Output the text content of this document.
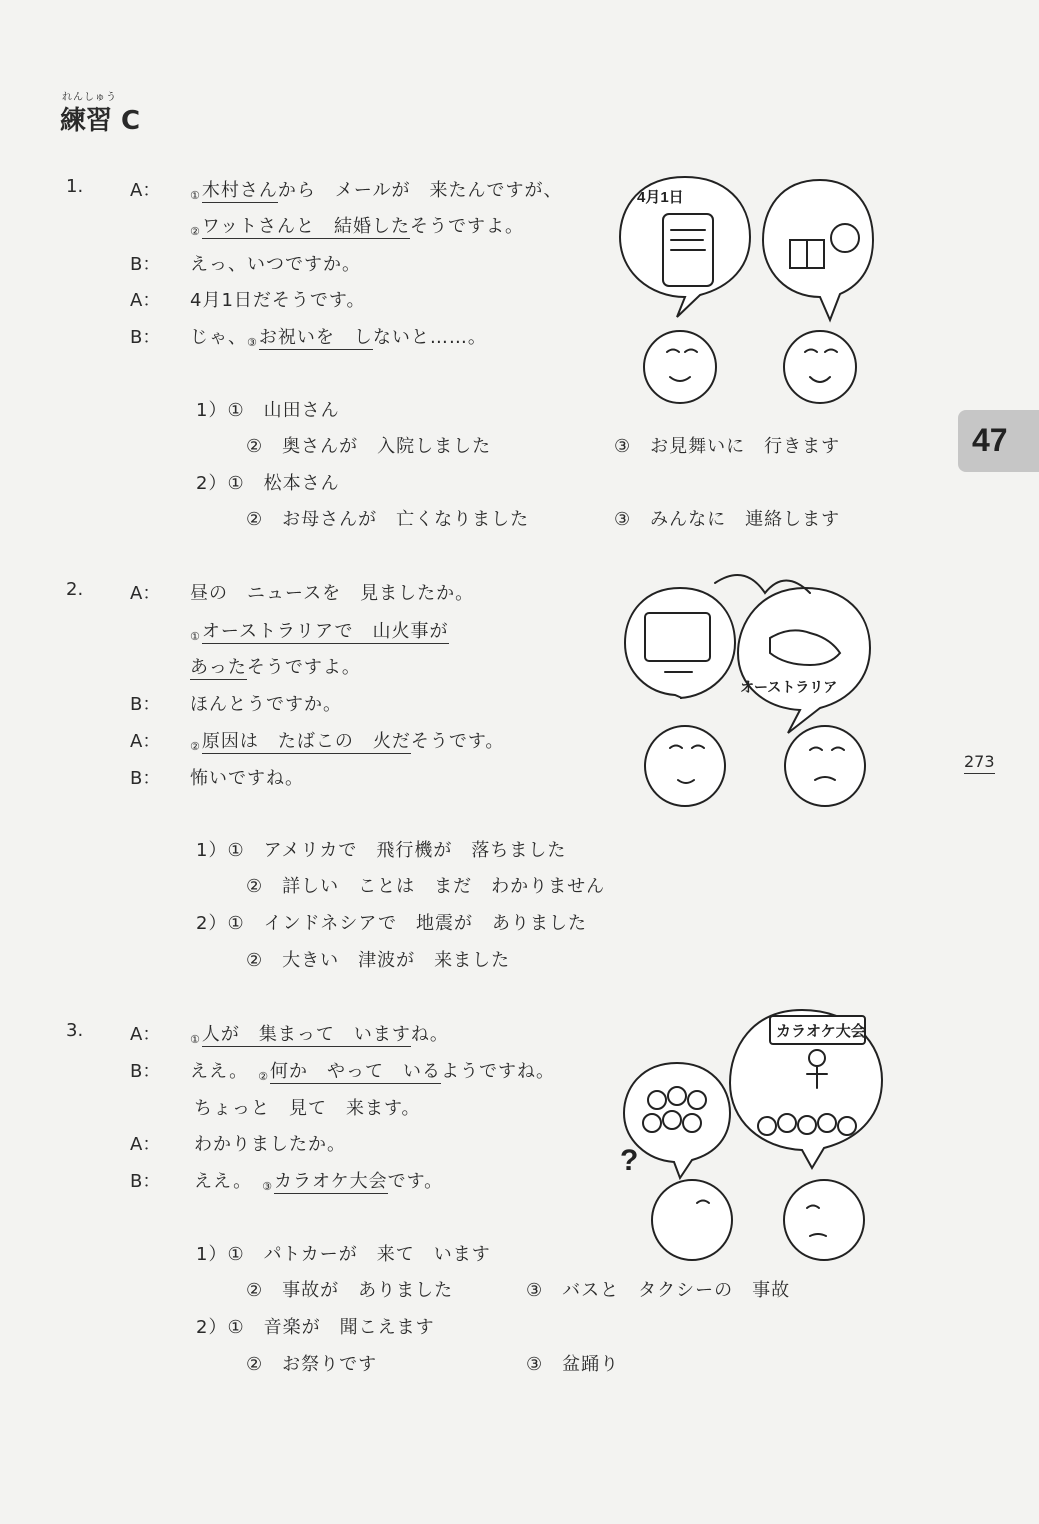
れんしゅう
練習 C
47
273
1.	A：	$_①$木村さんから　メールが　来たんですが、
$_②$ワットさんと　結婚したそうですよ。
B： えっ、いつですか。
A： 4月1日だそうです。
B： じゃ、$_③$お祝いを　しないと……。
1）①　山田さん
②　奥さんが　入院しました	③　お見舞いに　行きます
2）①　松本さん
②　お母さんが　亡くなりました	③　みんなに　連絡します
4月1日
2.	A： 昼の　ニュースを　見ましたか。
$_①$オーストラリアで　山火事が
あったそうですよ。
B： ほんとうですか。
A：	$_②$原因は　たばこの　火だそうです。
B： 怖いですね。
1）①　アメリカで　飛行機が　落ちました
②　詳しい　ことは　まだ　わかりません
2）①　インドネシアで　地震が　ありました
②　大きい　津波が　来ました
オーストラリア
3.	A：	$_①$人が　集まって　いますね。
B： ええ。　$_②$何か　やって　いるようですね。
ちょっと　見て　来ます。
A： わかりましたか。
B： ええ。　$_③$カラオケ大会です。
1）①　パトカーが　来て　います
②　事故が　ありました	③　バスと　タクシーの　事故
2）①　音楽が　聞こえます
②　お祭りです	③　盆踊り
カラオケ大会
?
